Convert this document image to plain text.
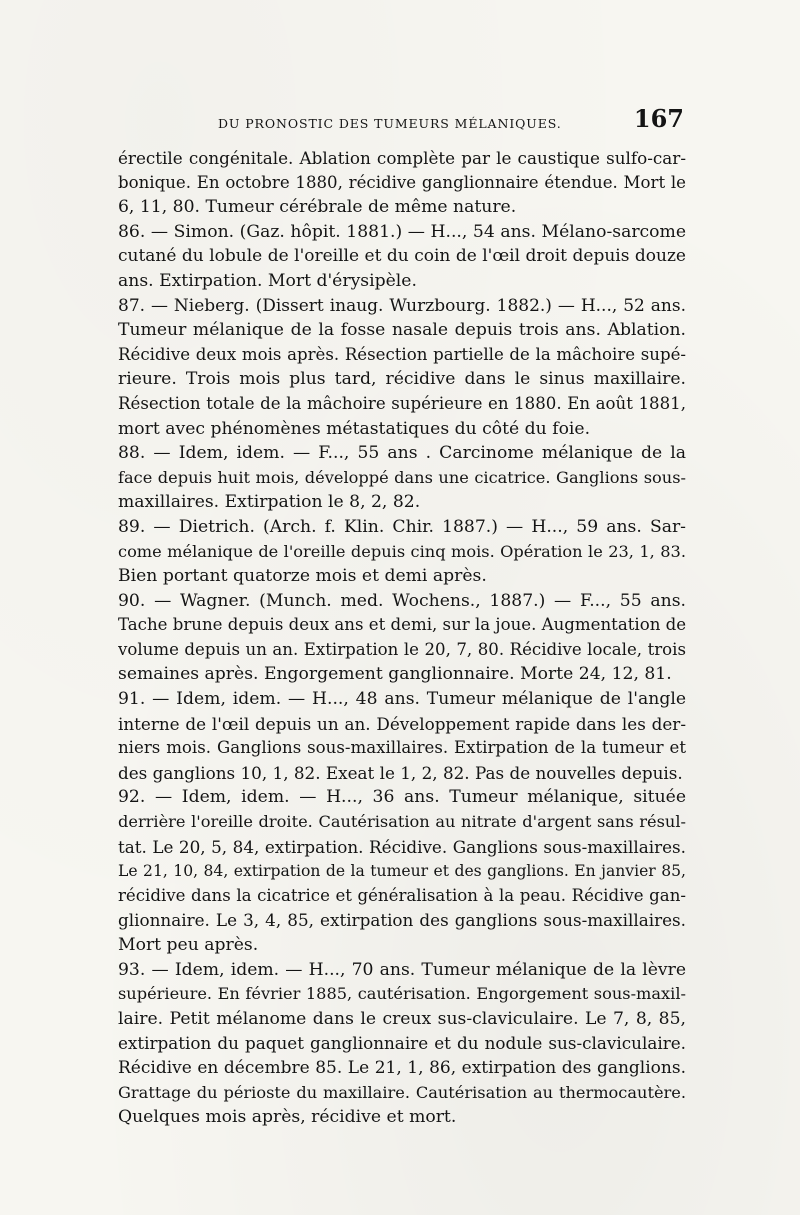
DU PRONOSTIC DES TUMEURS MÉLANIQUES.	167
érectile congénitale. Ablation complète par le caustique sulfo-car-
bonique. En octobre 1880, récidive ganglionnaire étendue. Mort le
6, 11, 80. Tumeur cérébrale de même nature.
86. — Simon. (Gaz. hôpit. 1881.) — H..., 54 ans. Mélano-sarcome
cutané du lobule de l'oreille et du coin de l'œil droit depuis douze
ans. Extirpation. Mort d'érysipèle.
87. — Nieberg. (Dissert inaug. Wurzbourg. 1882.) — H..., 52 ans.
Tumeur mélanique de la fosse nasale depuis trois ans. Ablation.
Récidive deux mois après. Résection partielle de la mâchoire supé-
rieure. Trois mois plus tard, récidive dans le sinus maxillaire.
Résection totale de la mâchoire supérieure en 1880. En août 1881,
mort avec phénomènes métastatiques du côté du foie.
88. — Idem, idem. — F..., 55 ans . Carcinome mélanique de la
face depuis huit mois, développé dans une cicatrice. Ganglions sous-
maxillaires. Extirpation le 8, 2, 82.
89. — Dietrich. (Arch. f. Klin. Chir. 1887.) — H..., 59 ans. Sar-
come mélanique de l'oreille depuis cinq mois. Opération le 23, 1, 83.
Bien portant quatorze mois et demi après.
90. — Wagner. (Munch. med. Wochens., 1887.) — F..., 55 ans.
Tache brune depuis deux ans et demi, sur la joue. Augmentation de
volume depuis un an. Extirpation le 20, 7, 80. Récidive locale, trois
semaines après. Engorgement ganglionnaire. Morte 24, 12, 81.
91. — Idem, idem. — H..., 48 ans. Tumeur mélanique de l'angle
interne de l'œil depuis un an. Développement rapide dans les der-
niers mois. Ganglions sous-maxillaires. Extirpation de la tumeur et
des ganglions 10, 1, 82. Exeat le 1, 2, 82. Pas de nouvelles depuis.
92. — Idem, idem. — H..., 36 ans. Tumeur mélanique, située
derrière l'oreille droite. Cautérisation au nitrate d'argent sans résul-
tat. Le 20, 5, 84, extirpation. Récidive. Ganglions sous-maxillaires.
Le 21, 10, 84, extirpation de la tumeur et des ganglions. En janvier 85,
récidive dans la cicatrice et généralisation à la peau. Récidive gan-
glionnaire. Le 3, 4, 85, extirpation des ganglions sous-maxillaires.
Mort peu après.
93. — Idem, idem. — H..., 70 ans. Tumeur mélanique de la lèvre
supérieure. En février 1885, cautérisation. Engorgement sous-maxil-
laire. Petit mélanome dans le creux sus-claviculaire. Le 7, 8, 85,
extirpation du paquet ganglionnaire et du nodule sus-claviculaire.
Récidive en décembre 85. Le 21, 1, 86, extirpation des ganglions.
Grattage du périoste du maxillaire. Cautérisation au thermocautère.
Quelques mois après, récidive et mort.
